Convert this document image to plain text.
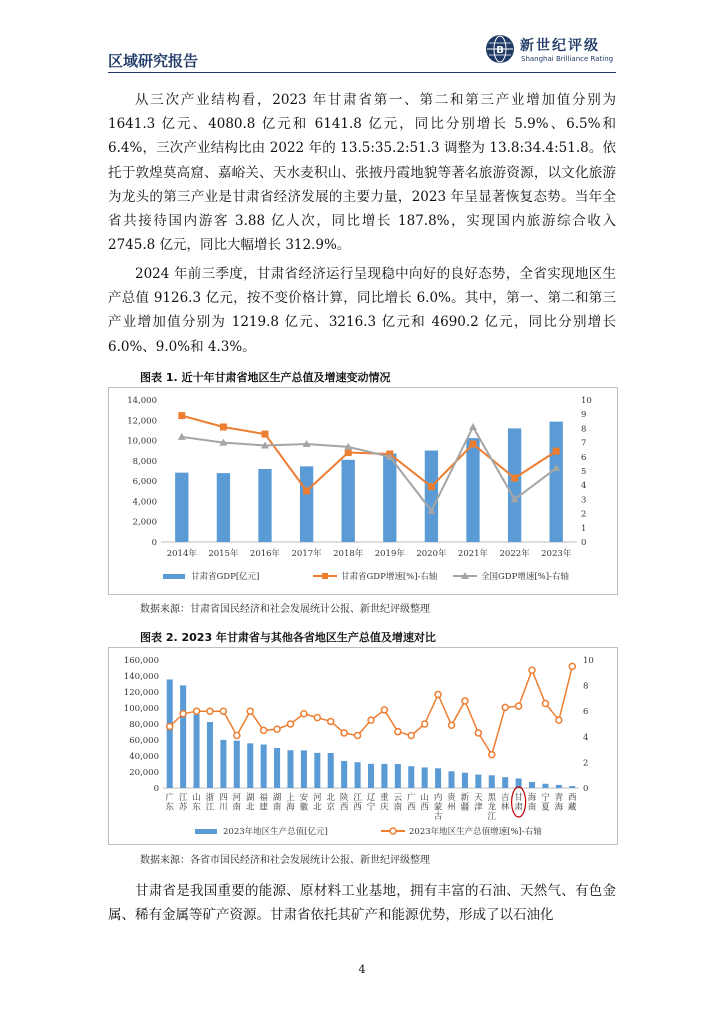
区域研究报告
B 新世纪评级
Shanghai Brilliance Rating

从三次产业结构看，2023 年甘肃省第一、第二和第三产业增加值分别为 1641.3 亿元、4080.8 亿元和 6141.8 亿元，同比分别增长 5.9%、6.5%和 6.4%，三次产业结构比由 2022 年的 13.5:35.2:51.3 调整为 13.8:34.4:51.8。依托于敦煌莫高窟、嘉峪关、天水麦积山、张掖丹霞地貌等著名旅游资源，以文化旅游为龙头的第三产业是甘肃省经济发展的主要力量，2023 年呈显著恢复态势。当年全省共接待国内游客 3.88 亿人次，同比增长 187.8%，实现国内旅游综合收入 2745.8 亿元，同比大幅增长 312.9%。

2024 年前三季度，甘肃省经济运行呈现稳中向好的良好态势，全省实现地区生产总值 9126.3 亿元，按不变价格计算，同比增长 6.0%。其中，第一、第二和第三产业增加值分别为 1219.8 亿元、3216.3 亿元和 4690.2 亿元，同比分别增长 6.0%、9.0%和 4.3%。

图表 1. 近十年甘肃省地区生产总值及增速变动情况
0
2,000
4,000
6,000
8,000
10,000
12,000
14,000
0
1
2
3
4
5
6
7
8
9
10
2014年 2015年 2016年 2017年 2018年 2019年 2020年 2021年 2022年 2023年
甘肃省GDP[亿元]	甘肃省GDP增速[%]-右轴	全国GDP增速[%]-右轴
数据来源：甘肃省国民经济和社会发展统计公报、新世纪评级整理
图表 2. 2023 年甘肃省与其他各省地区生产总值及增速对比
0
20,000
40,000
60,000
80,000
100,000
120,000
140,000
160,000
0
2
4
6
8
10
广东
江苏
山东
浙江
四川
河南
湖北
福建
湖南
上海
安徽
河北
北京
陕西
江西
辽宁
重庆
云南
广西
山西
内蒙古
贵州
新疆
天津
黑龙江
吉林
甘肃
海南
宁夏
青海
西藏
2023年地区生产总值[亿元]	2023年地区生产总值增速[%]-右轴
数据来源：各省市国民经济和社会发展统计公报、新世纪评级整理

甘肃省是我国重要的能源、原材料工业基地，拥有丰富的石油、天然气、有色金属、稀有金属等矿产资源。甘肃省依托其矿产和能源优势，形成了以石油化

4
